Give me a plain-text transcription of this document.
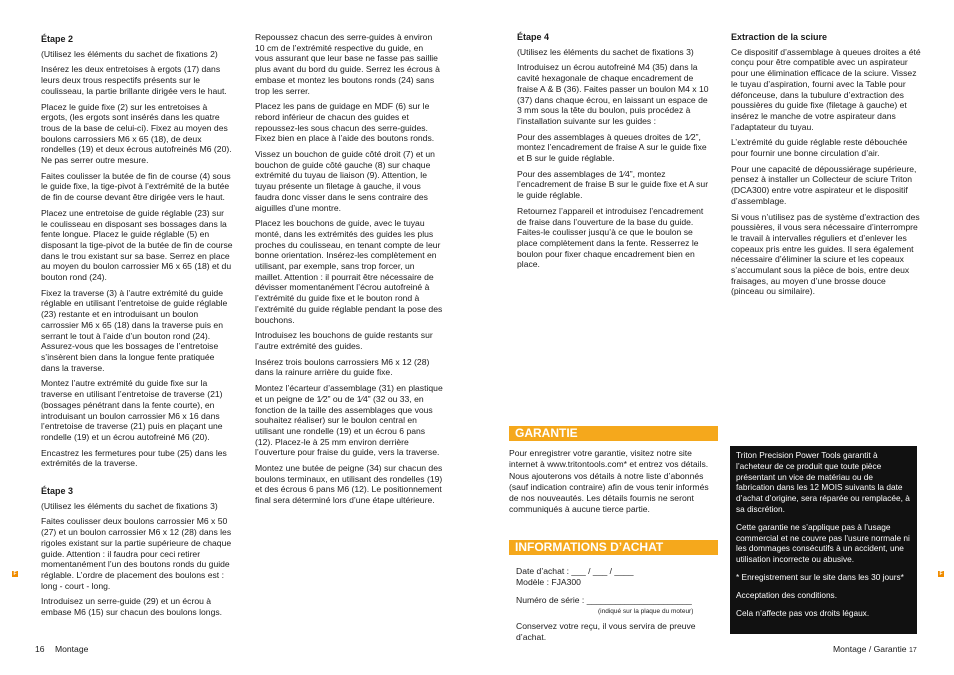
Étape 2

(Utilisez les éléments du sachet de fixations 2)

Insérez les deux entretoises à ergots (17) dans leurs deux trous respectifs présents sur le coulisseau, la partie brillante dirigée vers le haut.

Placez le guide fixe (2) sur les entretoises à ergots, (les ergots sont insérés dans les quatre trous de la base de celui-ci). Fixez au moyen des boulons carrossiers M6 x 65 (18), de deux rondelles (19) et deux écrous autofreinés M6 (20). Ne pas serrer outre mesure.

Faites coulisser la butée de fin de course (4) sous le guide fixe, la tige-pivot à l’extrémité de la butée de fin de course devant être dirigée vers le haut.

Placez une entretoise de guide réglable (23) sur le coulisseau en disposant ses bossages dans la fente longue. Placez le guide réglable (5) en disposant la tige-pivot de la butée de fin de course dans le trou existant sur sa base. Serrez en place au moyen du boulon carrossier M6 x 65 (18) et du bouton rond (24).

Fixez la traverse (3) à l’autre extrémité du guide réglable en utilisant l’entretoise de guide réglable (23) restante et en introduisant un boulon carrossier M6 x 65 (18) dans la traverse puis en serrant le tout à l’aide d’un bouton rond (24). Assurez-vous que les bossages de l’entretoise s’insèrent bien dans la longue fente pratiquée dans la traverse.

Montez l’autre extrémité du guide fixe sur la traverse en utilisant l’entretoise de traverse (21) (bossages pénétrant dans la fente courte), en introduisant un boulon carrossier M6 x 16 dans l’entretoise de traverse (21) puis en plaçant une rondelle (19) et un écrou autofreiné M6 (20).

Encastrez les fermetures pour tube (25) dans les extrémités de la traverse.

Étape 3

(Utilisez les éléments du sachet de fixations 3)

Faites coulisser deux boulons carrossier M6 x 50 (27) et un boulon carrossier M6 x 12 (28) dans les rigoles existant sur la partie supérieure de chaque guide. Attention : il faudra pour ceci retirer momentanément l’un des boutons ronds du guide réglable. L’ordre de placement des boulons est : long - court - long.

Introduisez un serre-guide (29) et un écrou à embase M6 (15) sur chacun des boulons longs.

Repoussez chacun des serre-guides à environ 10 cm de l’extrémité respective du guide, en vous assurant que leur base ne fasse pas saillie plus avant du bord du guide. Serrez les écrous à embase et montez les boutons ronds (24) sans trop les serrer.

Placez les pans de guidage en MDF (6) sur le rebord inférieur de chacun des guides et repoussez-les sous chacun des serre-guides. Fixez bien en place à l’aide des boutons ronds.

Vissez un bouchon de guide côté droit (7) et un bouchon de guide côté gauche (8) sur chaque extrémité du tuyau de liaison (9). Attention, le tuyau présente un filetage à gauche, il vous faudra donc visser dans le sens contraire des aiguilles d’une montre.

Placez les bouchons de guide, avec le tuyau monté, dans les extrémités des guides les plus proches du coulisseau, en tenant compte de leur bonne orientation. Insérez-les complètement en utilisant, par exemple, sans trop forcer, un maillet. Attention : il pourrait être nécessaire de dévisser momentanément l’écrou autofreiné à l’extrémité du guide fixe et le bouton rond à l’extrémité du guide réglable pendant la pose des bouchons.

Introduisez les bouchons de guide restants sur l’autre extrémité des guides.

Insérez trois boulons carrossiers M6 x 12 (28) dans la rainure arrière du guide fixe.

Montez l’écarteur d’assemblage (31) en plastique et un peigne de 1⁄2” ou de 1⁄4” (32 ou 33, en fonction de la taille des assemblages que vous souhaitez réaliser) sur le boulon central en utilisant une rondelle (19) et un écrou 6 pans (12). Placez-le à 25 mm environ derrière l’ouverture pour fraise du guide, vers la traverse.

Montez une butée de peigne (34) sur chacun des boulons terminaux, en utilisant des rondelles (19) et des écrous 6 pans M6 (12). Le positionnement final sera déterminé lors d’une étape ultérieure.

Étape 4

(Utilisez les éléments du sachet de fixations 3)

Introduisez un écrou autofreiné M4 (35) dans la cavité hexagonale de chaque encadrement de fraise A & B (36). Faites passer un boulon M4 x 10 (37) dans chaque écrou, en laissant un espace de 3 mm sous la tête du boulon, puis procédez à l’installation suivante sur les guides :

Pour des assemblages à queues droites de 1⁄2”, montez l’encadrement de fraise A sur le guide fixe et B sur le guide réglable.

Pour des assemblages de 1⁄4”, montez l’encadrement de fraise B sur le guide fixe et A sur le guide réglable.

Retournez l’appareil et introduisez l’encadrement de fraise dans l’ouverture de la base du guide. Faites-le coulisser jusqu’à ce que le boulon se place complètement dans la fente. Resserrez le boulon pour fixer chaque encadrement bien en place.

Extraction de la sciure

Ce dispositif d’assemblage à queues droites a été conçu pour être compatible avec un aspirateur pour une élimination efficace de la sciure. Vissez le tuyau d’aspiration, fourni avec la Table pour défonceuse, dans la tubulure d’extraction des poussières du guide fixe (filetage à gauche) et insérez le manche de votre aspirateur dans l’adaptateur du tuyau.

L’extrémité du guide réglable reste débouchée pour fournir une bonne circulation d’air.

Pour une capacité de dépoussiérage supérieure, pensez à installer un Collecteur de sciure Triton (DCA300) entre votre aspirateur et le dispositif d’assemblage.

Si vous n’utilisez pas de système d’extraction des poussières, il vous sera nécessaire d’interrompre le travail à intervalles réguliers et d’enlever les copeaux pris entre les guides. Il sera également nécessaire d’éliminer la sciure et les copeaux s’accumulant sous la pièce de bois, entre deux fraisages, au moyen d’une brosse douce (pinceau ou similaire).

GARANTIE
Pour enregistrer votre garantie, visitez notre site internet à www.tritontools.com* et entrez vos détails. Nous ajouterons vos détails à notre liste d’abonnés (sauf indication contraire) afin de vous tenir informés de nos nouveautés. Les détails fournis ne seront communiqués à aucune tierce partie.
INFORMATIONS D’ACHAT
Date d’achat : ___ / ___ / ____
Modèle : FJA300
Numéro de série : ______________________
(indiqué sur la plaque du moteur)
Conservez votre reçu, il vous servira de preuve d’achat.

Triton Precision Power Tools garantit à l’acheteur de ce produit que toute pièce présentant un vice de matériau ou de fabrication dans les 12 MOIS suivants la date d’achat d’origine, sera réparée ou remplacée, à sa discrétion.

Cette garantie ne s’applique pas à l’usage commercial et ne couvre pas l’usure normale ni les dommages consécutifs à un accident, une utilisation incorrecte ou abusive.

* Enregistrement sur le site dans les 30 jours*

Acceptation des conditions.

Cela n’affecte pas vos droits légaux.

F	F
16 Montage	Montage / Garantie 17
